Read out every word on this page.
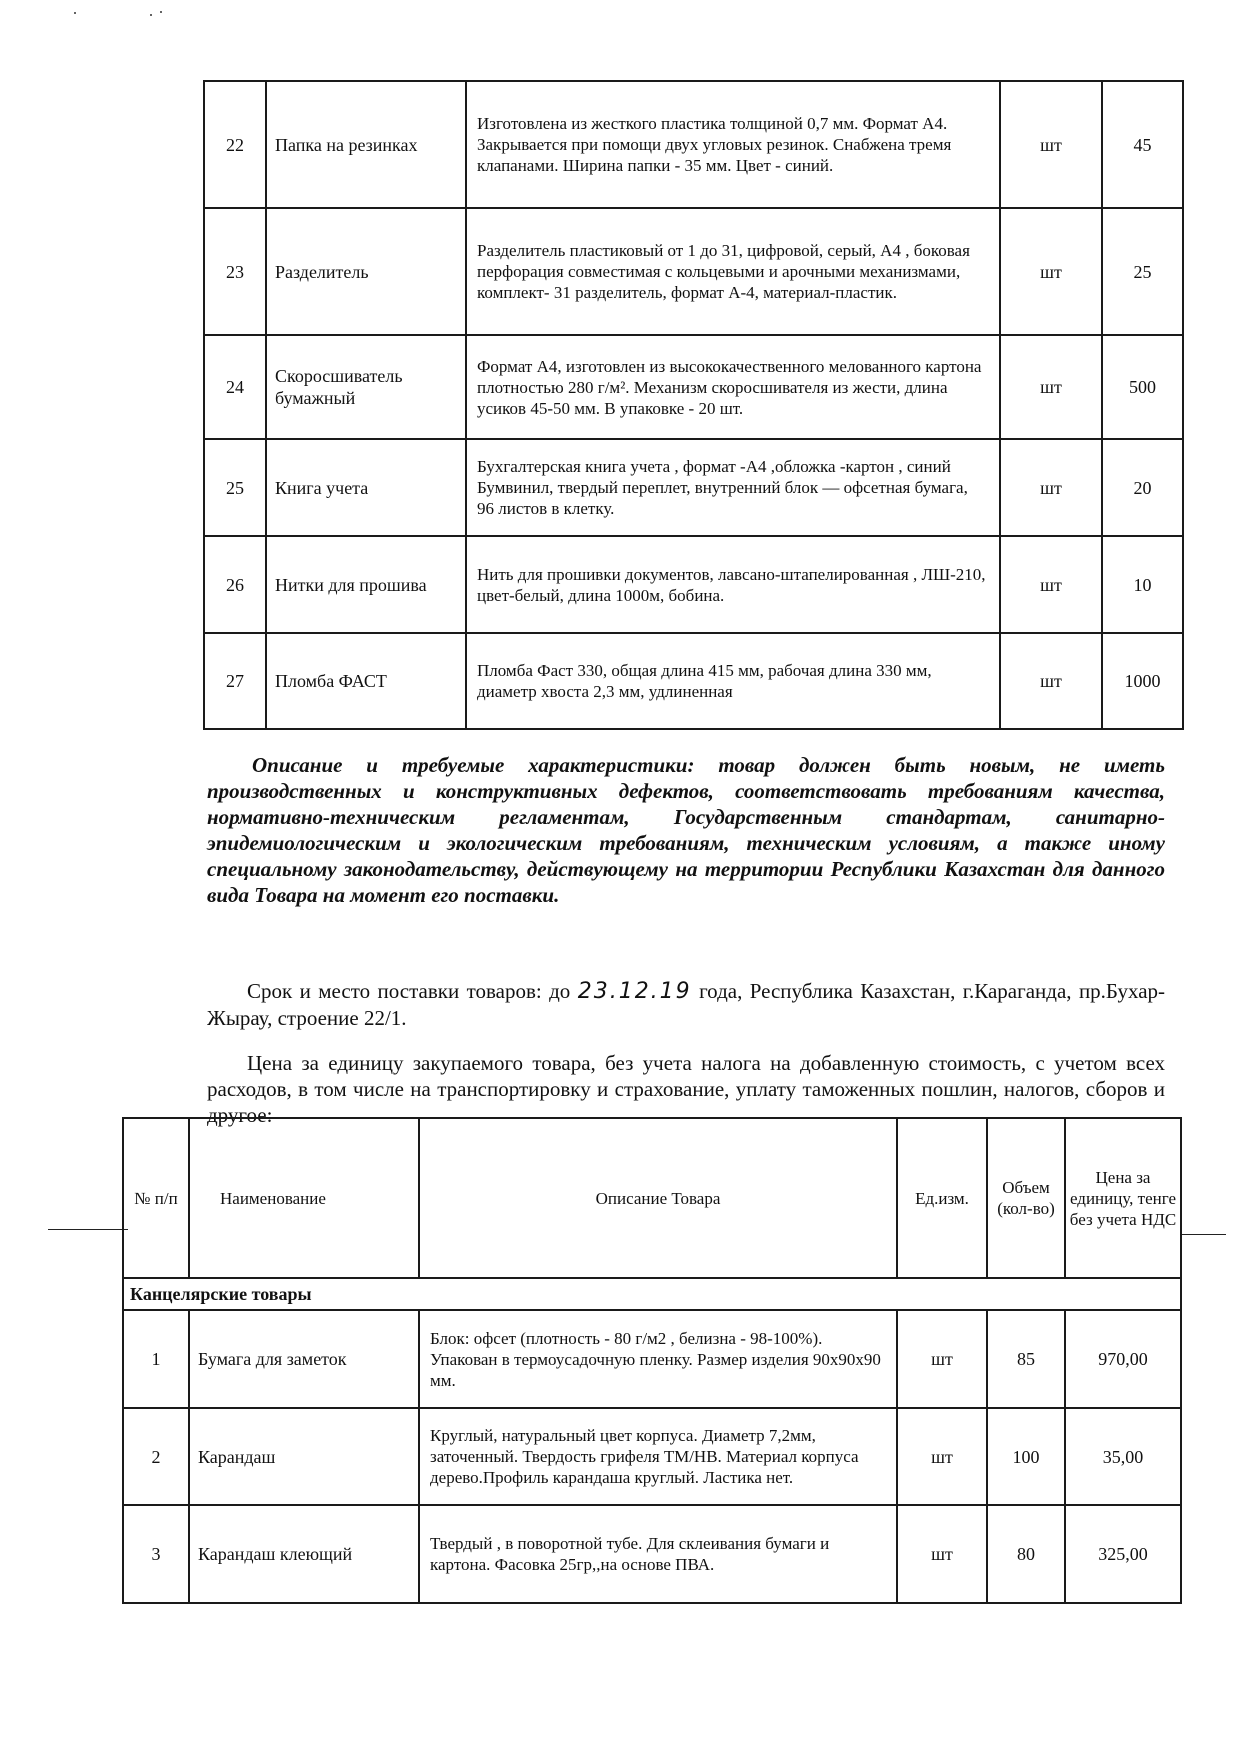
22	Папка на резинках	Изготовлена из жесткого пластика толщиной 0,7 мм. Формат А4. Закрывается при помощи двух угловых резинок. Снабжена тремя клапанами. Ширина папки - 35 мм. Цвет - синий.	шт	45
23	Разделитель	Разделитель пластиковый от 1 до 31, цифровой, серый, А4 , боковая перфорация совместимая с кольцевыми и арочными механизмами, комплект- 31 разделитель, формат А-4, материал-пластик.	шт	25
24	Скоросшиватель бумажный	Формат А4, изготовлен из высококачественного мелованного картона плотностью 280 г/м². Механизм скоросшивателя из жести, длина усиков 45-50 мм. В упаковке - 20 шт.	шт	500
25	Книга учета	Бухгалтерская книга учета , формат -А4 ,обложка -картон , синий Бумвинил, твердый переплет, внутренний блок — офсетная бумага, 96 листов в клетку.	шт	20
26	Нитки для прошива	Нить для прошивки документов, лавсано-штапелированная , ЛШ-210, цвет-белый, длина 1000м, бобина.	шт	10
27	Пломба ФАСТ	Пломба Фаст 330, общая длина 415 мм, рабочая длина 330 мм, диаметр хвоста 2,3 мм, удлиненная	шт	1000
Описание и требуемые характеристики: товар должен быть новым, не иметь производственных и конструктивных дефектов, соответствовать требованиям качества, нормативно-техническим регламентам, Государственным стандартам, санитарно-эпидемиологическим и экологическим требованиям, техническим условиям, а также иному специальному законодательству, действующему на территории Республики Казахстан для данного вида Товара на момент его поставки.
Срок и место поставки товаров: до 23.12.19 года, Республика Казахстан, г.Караганда, пр.Бухар-Жырау, строение 22/1.
Цена за единицу закупаемого товара, без учета налога на добавленную стоимость, с учетом всех расходов, в том числе на транспортировку и страхование, уплату таможенных пошлин, налогов, сборов и другое:
№ п/п	Наименование	Описание Товара	Ед.изм.	Объем (кол-во)	Цена за единицу, тенге без учета НДС
Канцелярские товары					
1	Бумага для заметок	Блок: офсет (плотность - 80 г/м2 , белизна - 98-100%). Упакован в термоусадочную пленку. Размер изделия 90х90х90 мм.	шт	85	970,00
2	Карандаш	Круглый, натуральный цвет корпуса. Диаметр 7,2мм, заточенный. Твердость грифеля ТМ/НВ. Материал корпуса дерево.Профиль карандаша круглый. Ластика нет.	шт	100	35,00
3	Карандаш клеющий	Твердый , в поворотной тубе. Для склеивания бумаги и картона. Фасовка 25гр,,на основе ПВА.	шт	80	325,00
